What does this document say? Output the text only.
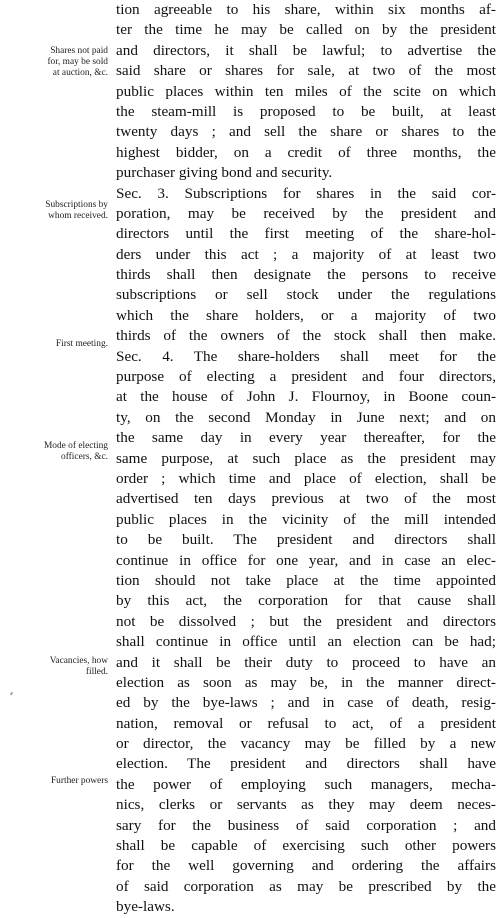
Shares not paid
for, may be sold
at auction, &c.
Subscriptions by
whom received.
First meeting.
Mode of electing
officers, &c.
Vacancies, how
filled.
Further powers
⸗
tion agreeable to his share, within six months af-
ter the time he may be called on by the president
and directors, it shall be lawful; to advertise the
said share or shares for sale, at two of the most
public places within ten miles of the scite on which
the steam-mill is proposed to be built, at least
twenty days ; and sell the share or shares to the
highest bidder, on a credit of three months, the
purchaser giving bond and security.
Sec. 3. Subscriptions for shares in the said cor-
poration, may be received by the president and
directors until the first meeting of the share-hol-
ders under this act ; a majority of at least two
thirds shall then designate the persons to receive
subscriptions or sell stock under the regulations
which the share holders, or a majority of two
thirds of the owners of the stock shall then make.
Sec. 4. The share-holders shall meet for the
purpose of electing a president and four directors,
at the house of John J. Flournoy, in Boone coun-
ty, on the second Monday in June next; and on
the same day in every year thereafter, for the
same purpose, at such place as the president may
order ; which time and place of election, shall be
advertised ten days previous at two of the most
public places in the vicinity of the mill intended
to be built. The president and directors shall
continue in office for one year, and in case an elec-
tion should not take place at the time appointed
by this act, the corporation for that cause shall
not be dissolved ; but the president and directors
shall continue in office until an election can be had;
and it shall be their duty to proceed to have an
election as soon as may be, in the manner direct-
ed by the bye-laws ; and in case of death, resig-
nation, removal or refusal to act, of a president
or director, the vacancy may be filled by a new
election. The president and directors shall have
the power of employing such managers, mecha-
nics, clerks or servants as they may deem neces-
sary for the business of said corporation ; and
shall be capable of exercising such other powers
for the well governing and ordering the affairs
of said corporation as may be prescribed by the
bye-laws.
